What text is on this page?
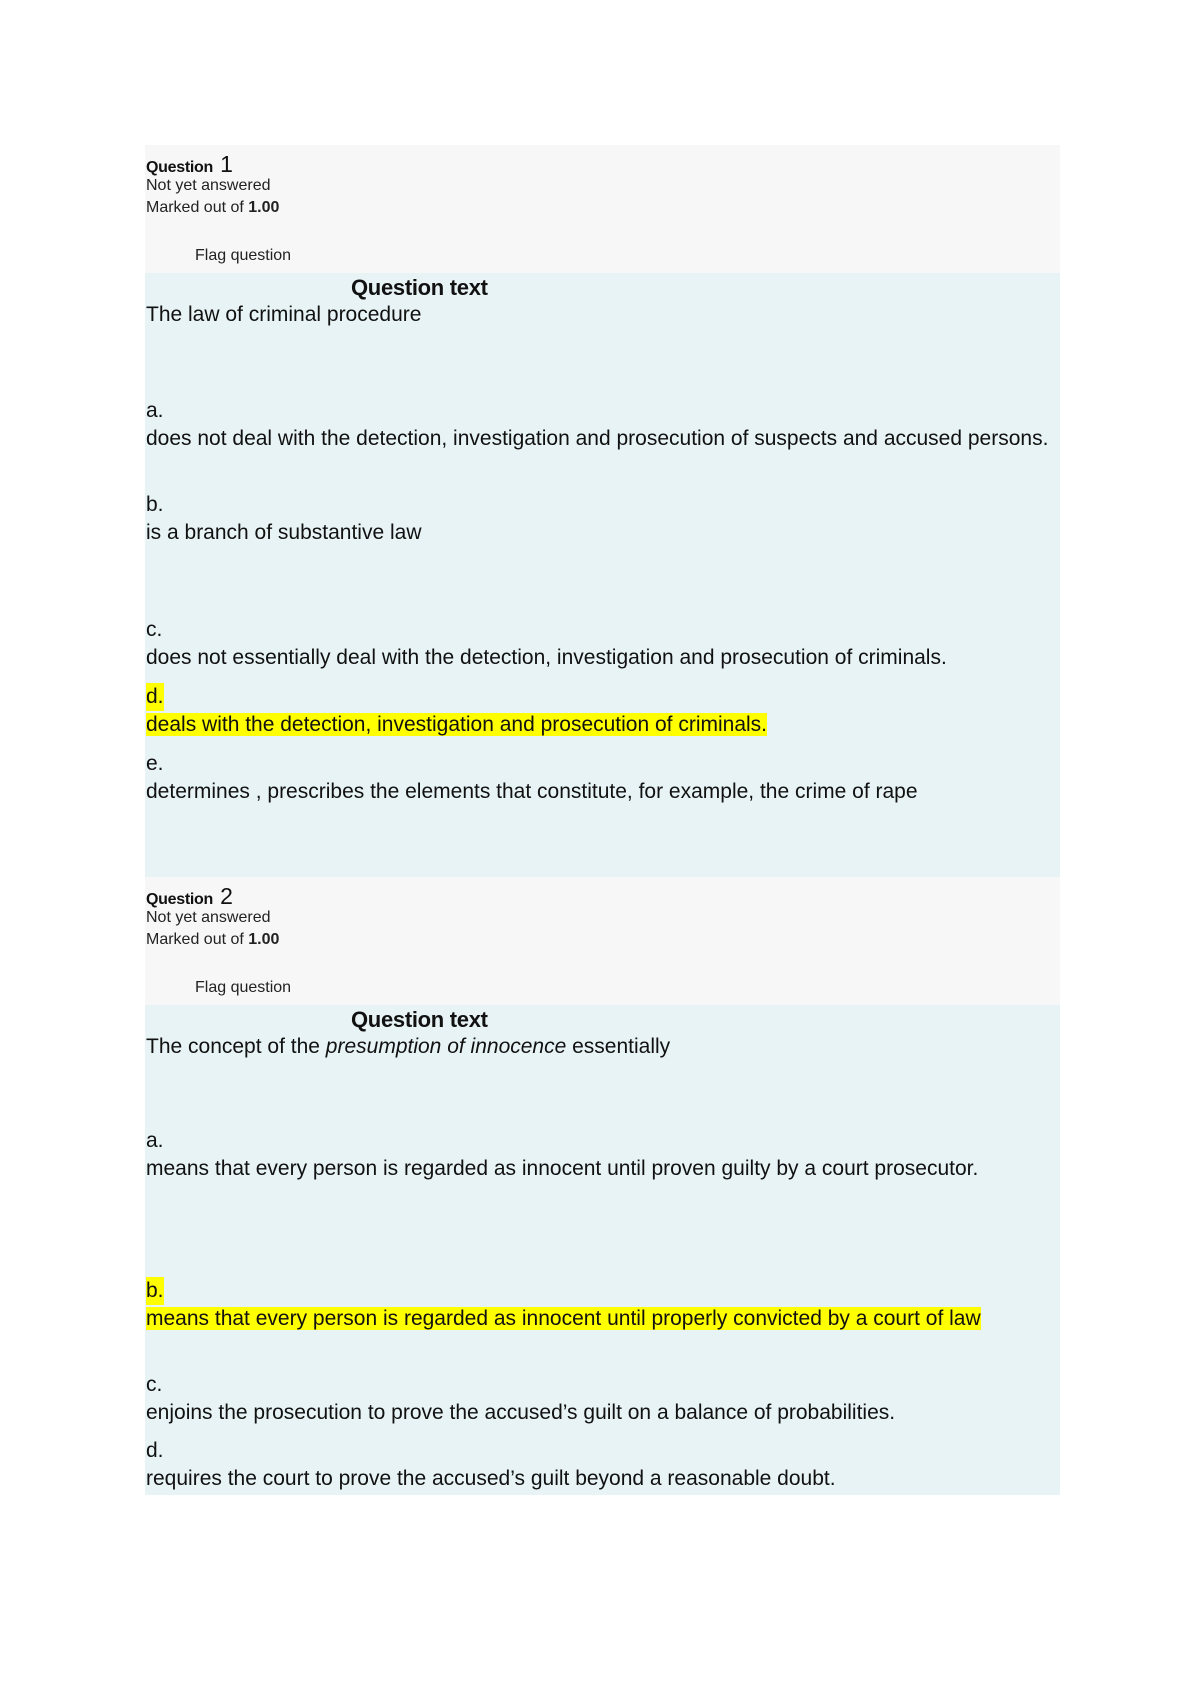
Question 1
Not yet answered
Marked out of 1.00
Flag question
Question text
The law of criminal procedure
a.
does not deal with the detection, investigation and prosecution of suspects and accused persons.
b.
is a branch of substantive law
c.
does not essentially deal with the detection, investigation and prosecution of criminals.
d.
deals with the detection, investigation and prosecution of criminals.
e.
determines , prescribes the elements that constitute, for example, the crime of rape
Question 2
Not yet answered
Marked out of 1.00
Flag question
Question text
The concept of the presumption of innocence essentially
a.
means that every person is regarded as innocent until proven guilty by a court prosecutor.
b.
means that every person is regarded as innocent until properly convicted by a court of law
c.
enjoins the prosecution to prove the accused’s guilt on a balance of probabilities.
d.
requires the court to prove the accused’s guilt beyond a reasonable doubt.
